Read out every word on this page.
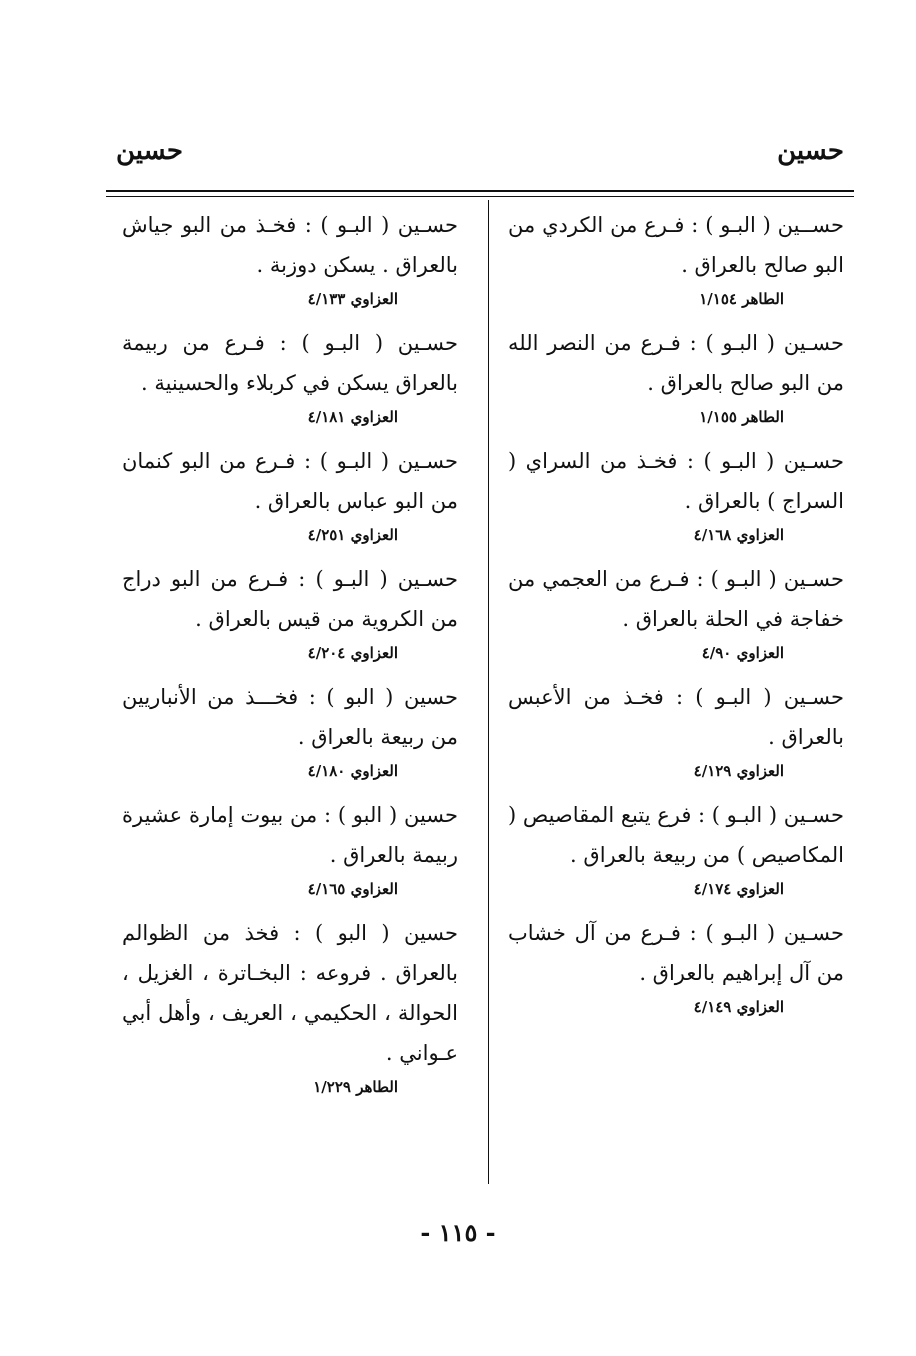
حسين
حسين
حســين ( البـو ) : فـرع من الكردي من البو صالح بالعراق .
الطاهر ١/١٥٤
حسـين ( البـو ) : فـرع من النصر الله من البو صالح بالعراق .
الطاهر ١/١٥٥
حسـين ( البـو ) : فخـذ من السراي ( السراج ) بالعراق .
العزاوي ٤/١٦٨
حسـين ( البـو ) : فـرع من العجمي من خفاجة في الحلة بالعراق .
العزاوي ٤/٩٠
حسـين ( البـو ) : فخـذ من الأعبس بالعراق .
العزاوي ٤/١٢٩
حسـين ( البـو ) : فرع يتبع المقاصيص ( المكاصيص ) من ربيعة بالعراق .
العزاوي ٤/١٧٤
حسـين ( البـو ) : فـرع من آل خشاب من آل إبراهيم بالعراق .
العزاوي ٤/١٤٩
حسـين ( البـو ) : فخـذ من البو جياش بالعراق . يسكن دوزبة .
العزاوي ٤/١٣٣
حسـين ( البـو ) : فـرع من ربيمة بالعراق يسكن في كربلاء والحسينية .
العزاوي ٤/١٨١
حسـين ( البـو ) : فـرع من البو كنمان من البو عباس بالعراق .
العزاوي ٤/٢٥١
حسـين ( البـو ) : فـرع من البو دراج من الكروية من قيس بالعراق .
العزاوي ٤/٢٠٤
حسين ( البو ) : فخـــذ من الأنباريين من ربيعة بالعراق .
العزاوي ٤/١٨٠
حسين ( البو ) : من بيوت إمارة عشيرة ربيمة بالعراق .
العزاوي ٤/١٦٥
حسين ( البو ) : فخذ من الظوالم بالعراق . فروعه : البخـاترة ، الغزيل ، الحوالة ، الحكيمي ، العريف ، وأهل أبي عـواني .
الطاهر ١/٢٢٩
- ١١٥ -
